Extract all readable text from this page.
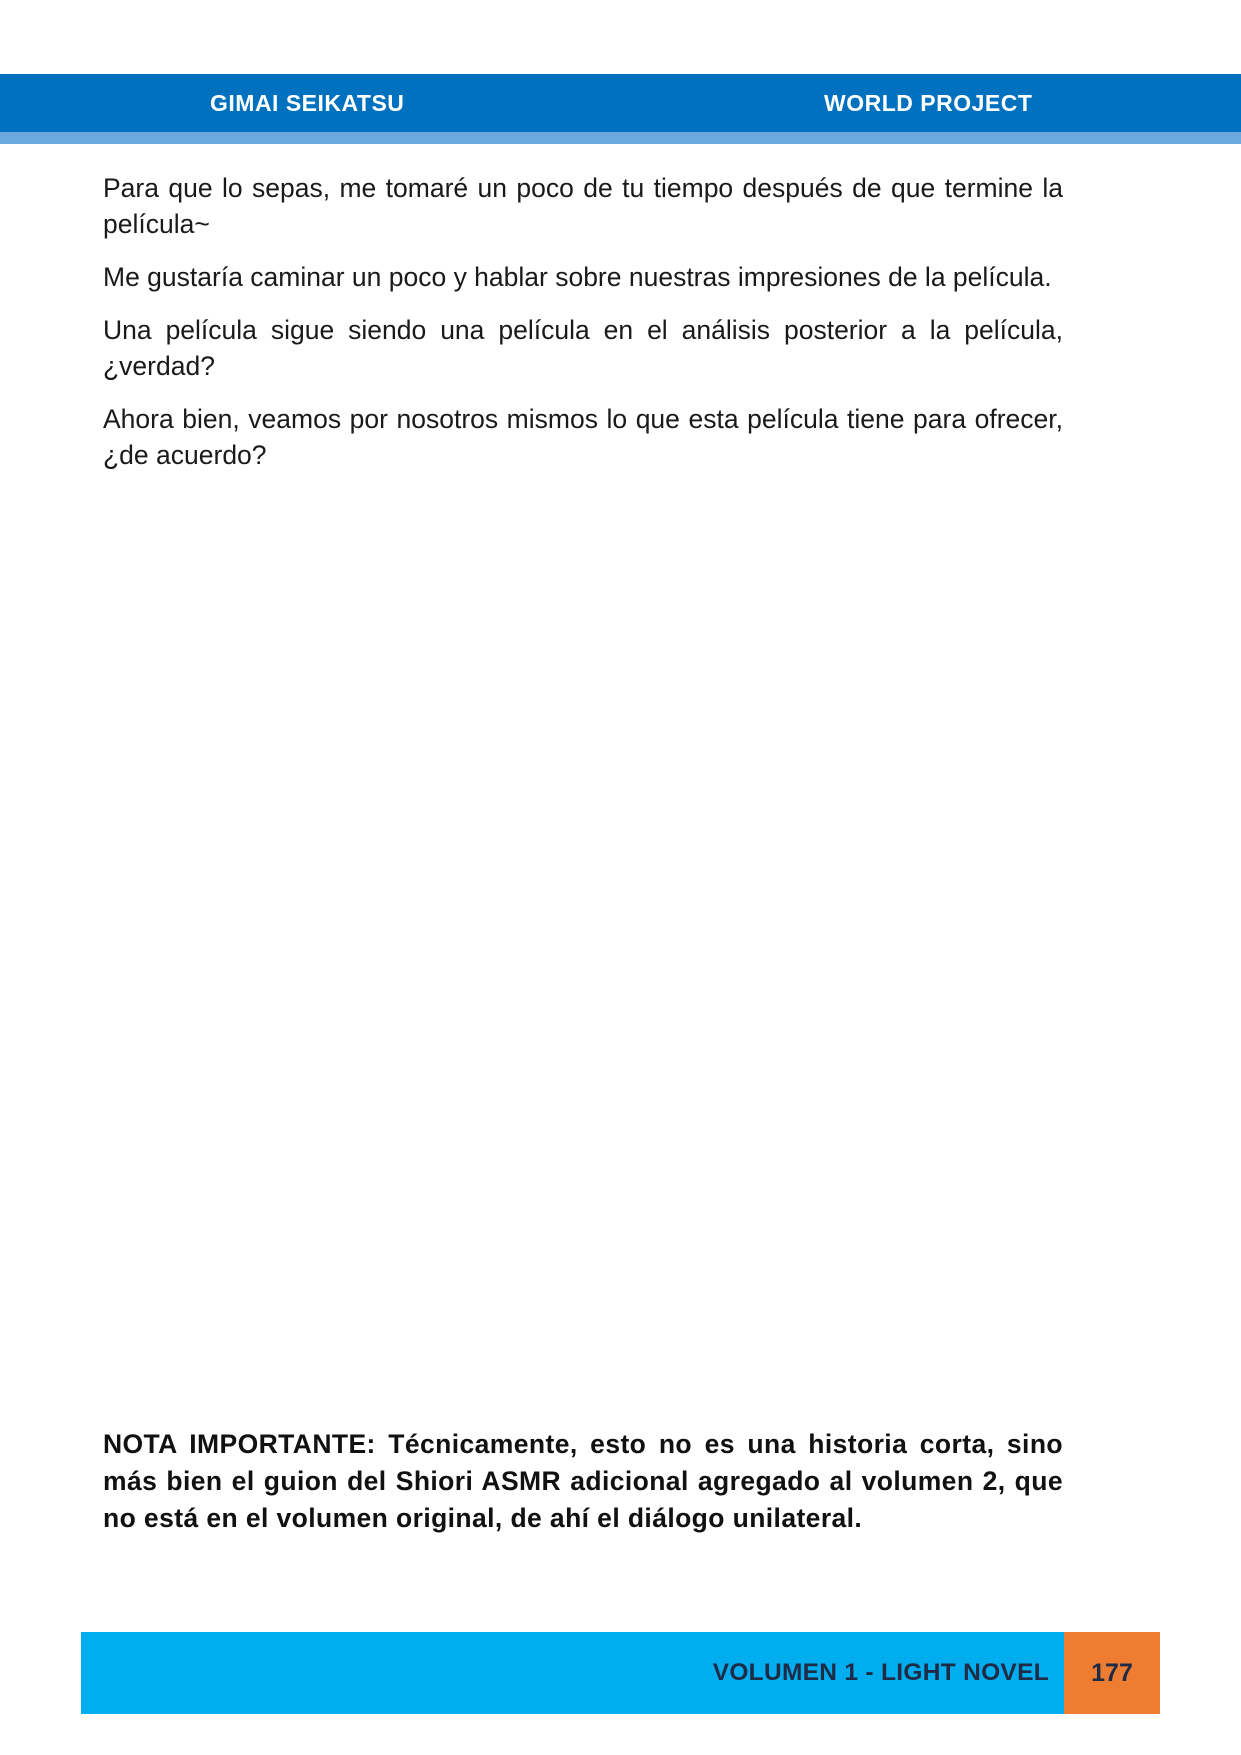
GIMAI SEIKATSU	WORLD PROJECT

Para que lo sepas, me tomaré un poco de tu tiempo después de que termine la película~

Me gustaría caminar un poco y hablar sobre nuestras impresiones de la película.

Una película sigue siendo una película en el análisis posterior a la película, ¿verdad?

Ahora bien, veamos por nosotros mismos lo que esta película tiene para ofrecer, ¿de acuerdo?

NOTA IMPORTANTE: Técnicamente, esto no es una historia corta, sino más bien el guion del Shiori ASMR adicional agregado al volumen 2, que no está en el volumen original, de ahí el diálogo unilateral.
VOLUMEN 1 - LIGHT NOVEL	177
